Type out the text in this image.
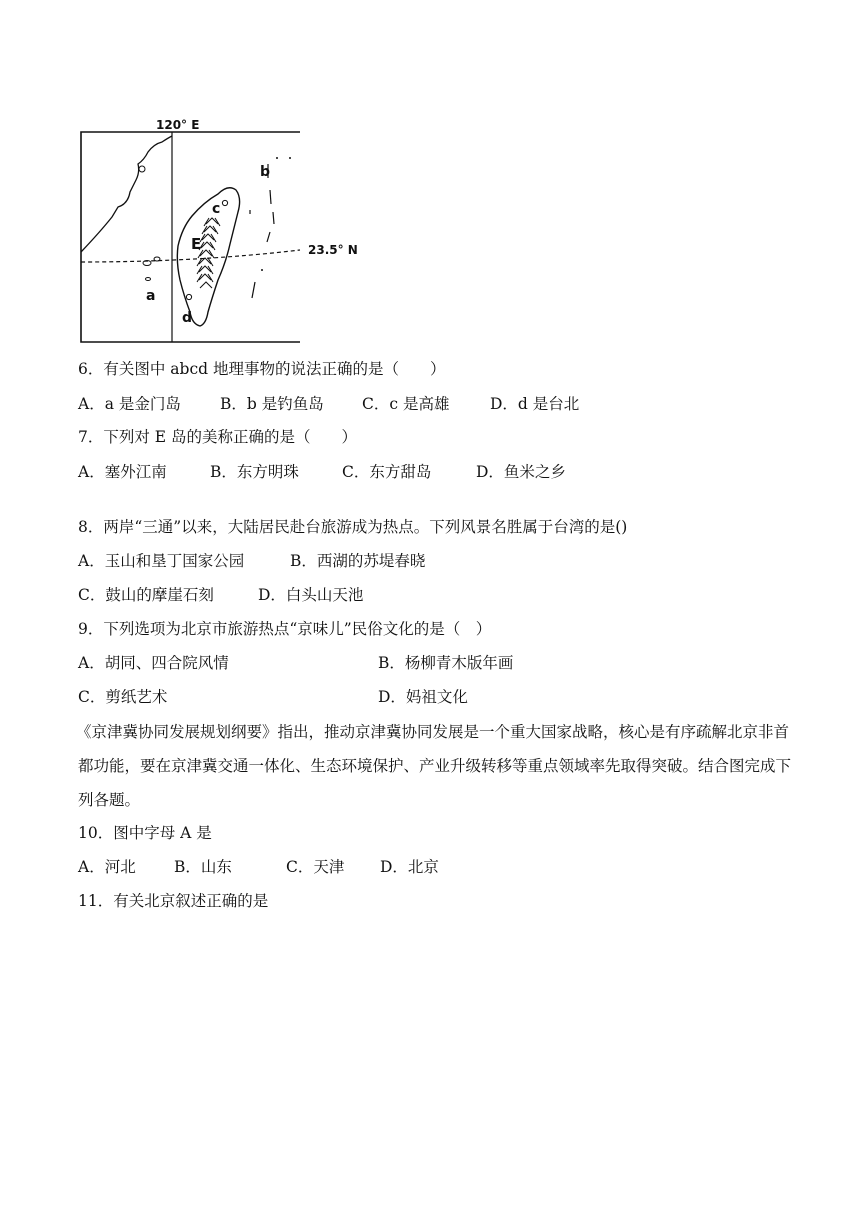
120° E
23.5° N
a
b
c
d
E
6．有关图中 abcd 地理事物的说法正确的是（　　）
A．a 是金门岛	B．b 是钓鱼岛 C．c 是高雄	D．d 是台北
7．下列对 E 岛的美称正确的是（　　）
A．塞外江南	B．东方明珠	C．东方甜岛	D．鱼米之乡
8．两岸“三通”以来，大陆居民赴台旅游成为热点。下列风景名胜属于台湾的是()
A．玉山和垦丁国家公园	B．西湖的苏堤春晓
C．鼓山的摩崖石刻	D．白头山天池
9．下列选项为北京市旅游热点“京味儿”民俗文化的是（　）
A．胡同、四合院风情	B．杨柳青木版年画
C．剪纸艺术	D．妈祖文化
《京津冀协同发展规划纲要》指出，推动京津冀协同发展是一个重大国家战略，核心是有序疏解北京非首都功能，要在京津冀交通一体化、生态环境保护、产业升级转移等重点领域率先取得突破。结合图完成下列各题。
10．图中字母 A 是
A．河北 B．山东	C．天津 D．北京
11．有关北京叙述正确的是
